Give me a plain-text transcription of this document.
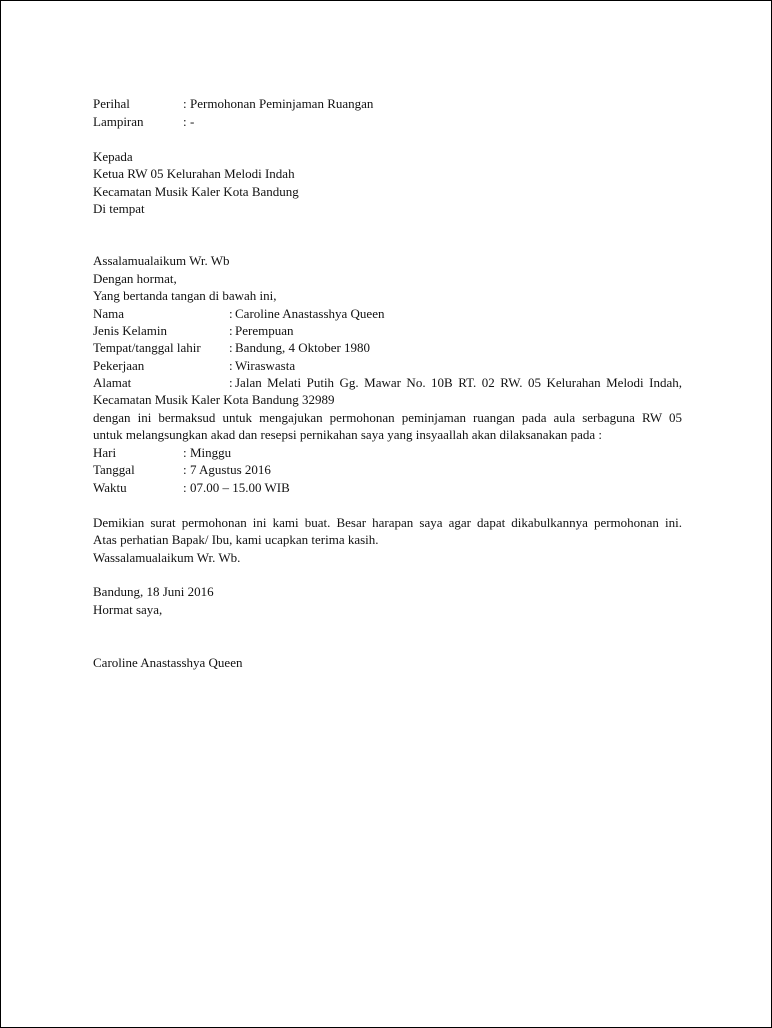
Perihal	: Permohonan Peminjaman Ruangan
Lampiran	: -
Kepada
Ketua RW 05 Kelurahan Melodi Indah
Kecamatan Musik Kaler Kota Bandung
Di tempat
Assalamualaikum Wr. Wb
Dengan hormat,
Yang bertanda tangan di bawah ini,
Nama	: Caroline Anastasshya Queen
Jenis Kelamin	: Perempuan
Tempat/tanggal lahir : Bandung, 4 Oktober 1980
Pekerjaan	: Wiraswasta
Alamat	: Jalan Melati Putih Gg. Mawar No. 10B RT. 02 RW. 05 Kelurahan Melodi Indah,
Kecamatan Musik Kaler Kota Bandung 32989
dengan ini bermaksud untuk mengajukan permohonan peminjaman ruangan pada aula serbaguna RW 05
untuk melangsungkan akad dan resepsi pernikahan saya yang insyaallah akan dilaksanakan pada :
Hari	: Minggu
Tanggal	: 7 Agustus 2016
Waktu	: 07.00 – 15.00 WIB
Demikian surat permohonan ini kami buat. Besar harapan saya agar dapat dikabulkannya permohonan ini.
Atas perhatian Bapak/ Ibu, kami ucapkan terima kasih.
Wassalamualaikum Wr. Wb.
Bandung, 18 Juni 2016
Hormat saya,
Caroline Anastasshya Queen
